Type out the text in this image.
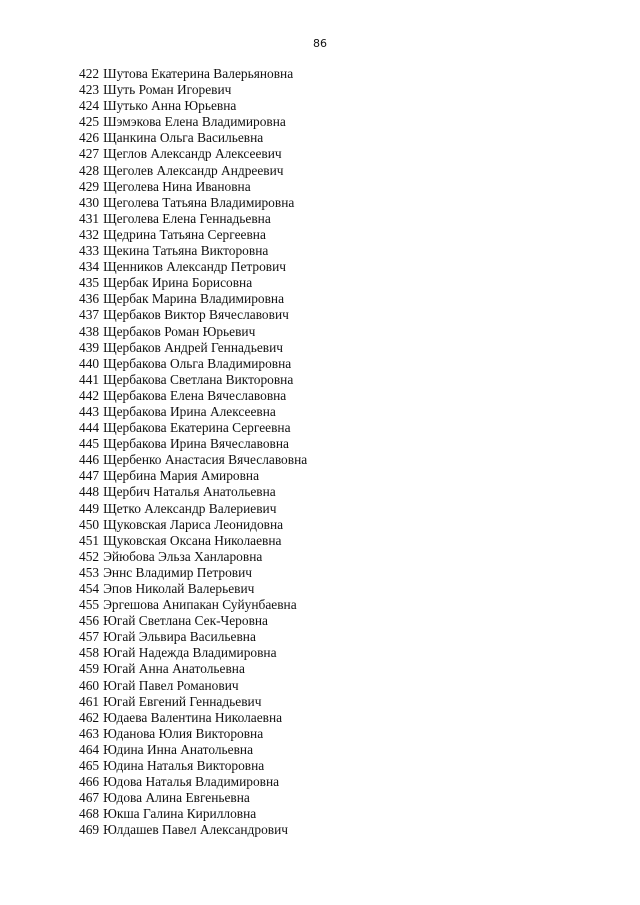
86
422 Шутова Екатерина Валерьяновна
423 Шуть Роман Игоревич
424 Шутько Анна Юрьевна
425 Шэмэкова Елена Владимировна
426 Щанкина Ольга Васильевна
427 Щеглов Александр Алексеевич
428 Щеголев Александр Андреевич
429 Щеголева Нина Ивановна
430 Щеголева Татьяна Владимировна
431 Щеголева Елена Геннадьевна
432 Щедрина Татьяна Сергеевна
433 Щекина Татьяна Викторовна
434 Щенников Александр Петрович
435 Щербак Ирина Борисовна
436 Щербак Марина Владимировна
437 Щербаков Виктор Вячеславович
438 Щербаков Роман Юрьевич
439 Щербаков Андрей Геннадьевич
440 Щербакова Ольга Владимировна
441 Щербакова Светлана Викторовна
442 Щербакова Елена Вячеславовна
443 Щербакова Ирина Алексеевна
444 Щербакова Екатерина Сергеевна
445 Щербакова Ирина Вячеславовна
446 Щербенко Анастасия Вячеславовна
447 Щербина Мария Амировна
448 Щербич Наталья Анатольевна
449 Щетко Александр Валериевич
450 Щуковская Лариса Леонидовна
451 Щуковская Оксана Николаевна
452 Эйюбова Эльза Ханларовна
453 Эннс Владимир Петрович
454 Эпов Николай Валерьевич
455 Эргешова Анипакан Суйунбаевна
456 Югай Светлана Сек-Черовна
457 Югай Эльвира Васильевна
458 Югай Надежда Владимировна
459 Югай Анна Анатольевна
460 Югай Павел Романович
461 Югай Евгений Геннадьевич
462 Юдаева Валентина Николаевна
463 Юданова Юлия Викторовна
464 Юдина Инна Анатольевна
465 Юдина Наталья Викторовна
466 Юдова Наталья Владимировна
467 Юдова Алина Евгеньевна
468 Юкша Галина Кирилловна
469 Юлдашев Павел Александрович
